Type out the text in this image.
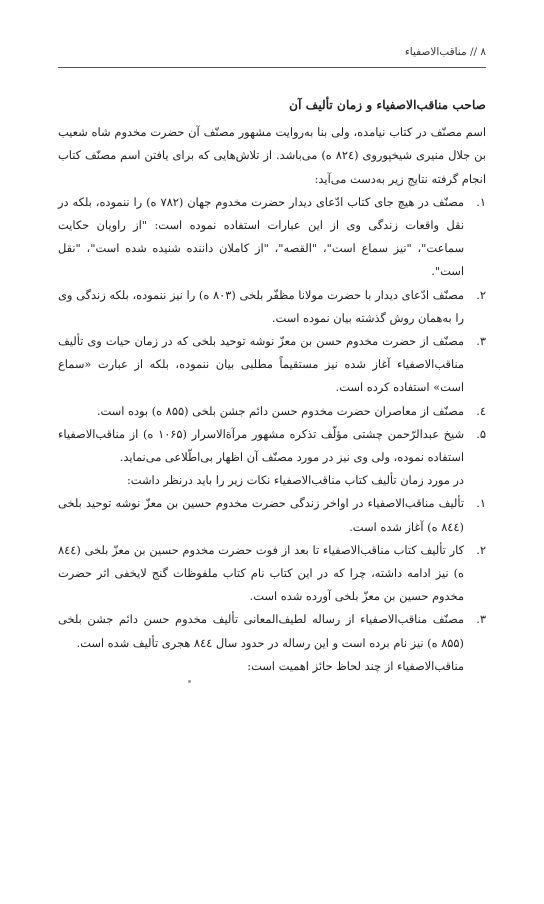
۸ // مناقب‌الاصفیاء
صاحب مناقب‌الاصفیاء و زمان تألیف آن

اسم مصنّف در کتاب نیامده، ولی بنا به‌روایت مشهور مصنّف آن حضرت مخدوم شاه شعیب بن جلال منیری شیخپوروی (۸۲٤ ه) می‌باشد. از تلاش‌هایی که برای یافتن اسم مصنّف کتاب انجام گرفته نتایج زیر به‌دست می‌آید:

۱.
مصنّف در هیچ جای کتاب ادّعای دیدار حضرت مخدوم جهان (۷۸۲ ه) را ننموده، بلکه در نقل واقعات زندگی وی از این عبارات استفاده نموده است: "از راویان حکایت سماعت"، "نیز سماع است"، "القصه"، "از کاملان داننده شنیده شده است"، "نقل است".
۲.
مصنّف ادّعای دیدار با حضرت مولانا مظفّر بلخی (۸۰۳ ه) را نیز ننموده، بلکه زندگی وی را به‌همان روش گذشته بیان نموده است.
۳.
مصنّف از حضرت مخدوم حسن بن معزّ نوشه توحید بلخی که در زمان حیات وی تألیف مناقب‌الاصفیاء آغاز شده نیز مستقیماً مطلبی بیان ننموده، بلکه از عبارت «سماع است» استفاده کرده است.
٤.
مصنّف از معاصران حضرت مخدوم حسن دائم جشن بلخی (۸۵۵ ه) بوده است.
۵.
شیخ عبدالرّحمن چشتی مؤلّف تذکره مشهور مرآة‌الاسرار (۱۰۶۵ ه) از مناقب‌الاصفیاء استفاده نموده، ولی وی نیز در مورد مصنّف آن اظهار بی‌اطّلاعی می‌نماید.

در مورد زمان تألیف کتاب مناقب‌الاصفیاء نکات زیر را باید درنظر داشت:

۱.
تألیف مناقب‌الاصفیاء در اواخر زندگی حضرت مخدوم حسین بن معزّ نوشه توحید بلخی (۸٤٤ ه) آغاز شده است.
۲.
کار تألیف کتاب مناقب‌الاصفیاء تا بعد از فوت حضرت مخدوم حسین بن معزّ بلخی (۸٤٤ ه) نیز ادامه داشته، چرا که در این کتاب نام کتاب ملفوظات گنج لایخفی اثر حضرت مخدوم حسین بن معزّ بلخی آورده شده است.
۳.
مصنّف مناقب‌الاصفیاء از رساله لطیف‌المعانی تألیف مخدوم حسن دائم جشن بلخی (۸۵۵ ه) نیز نام برده است و این رساله در حدود سال ۸٤٤ هجری تألیف شده است.

مناقب‌الاصفیاء از چند لحاظ حائز اهمیت است:
